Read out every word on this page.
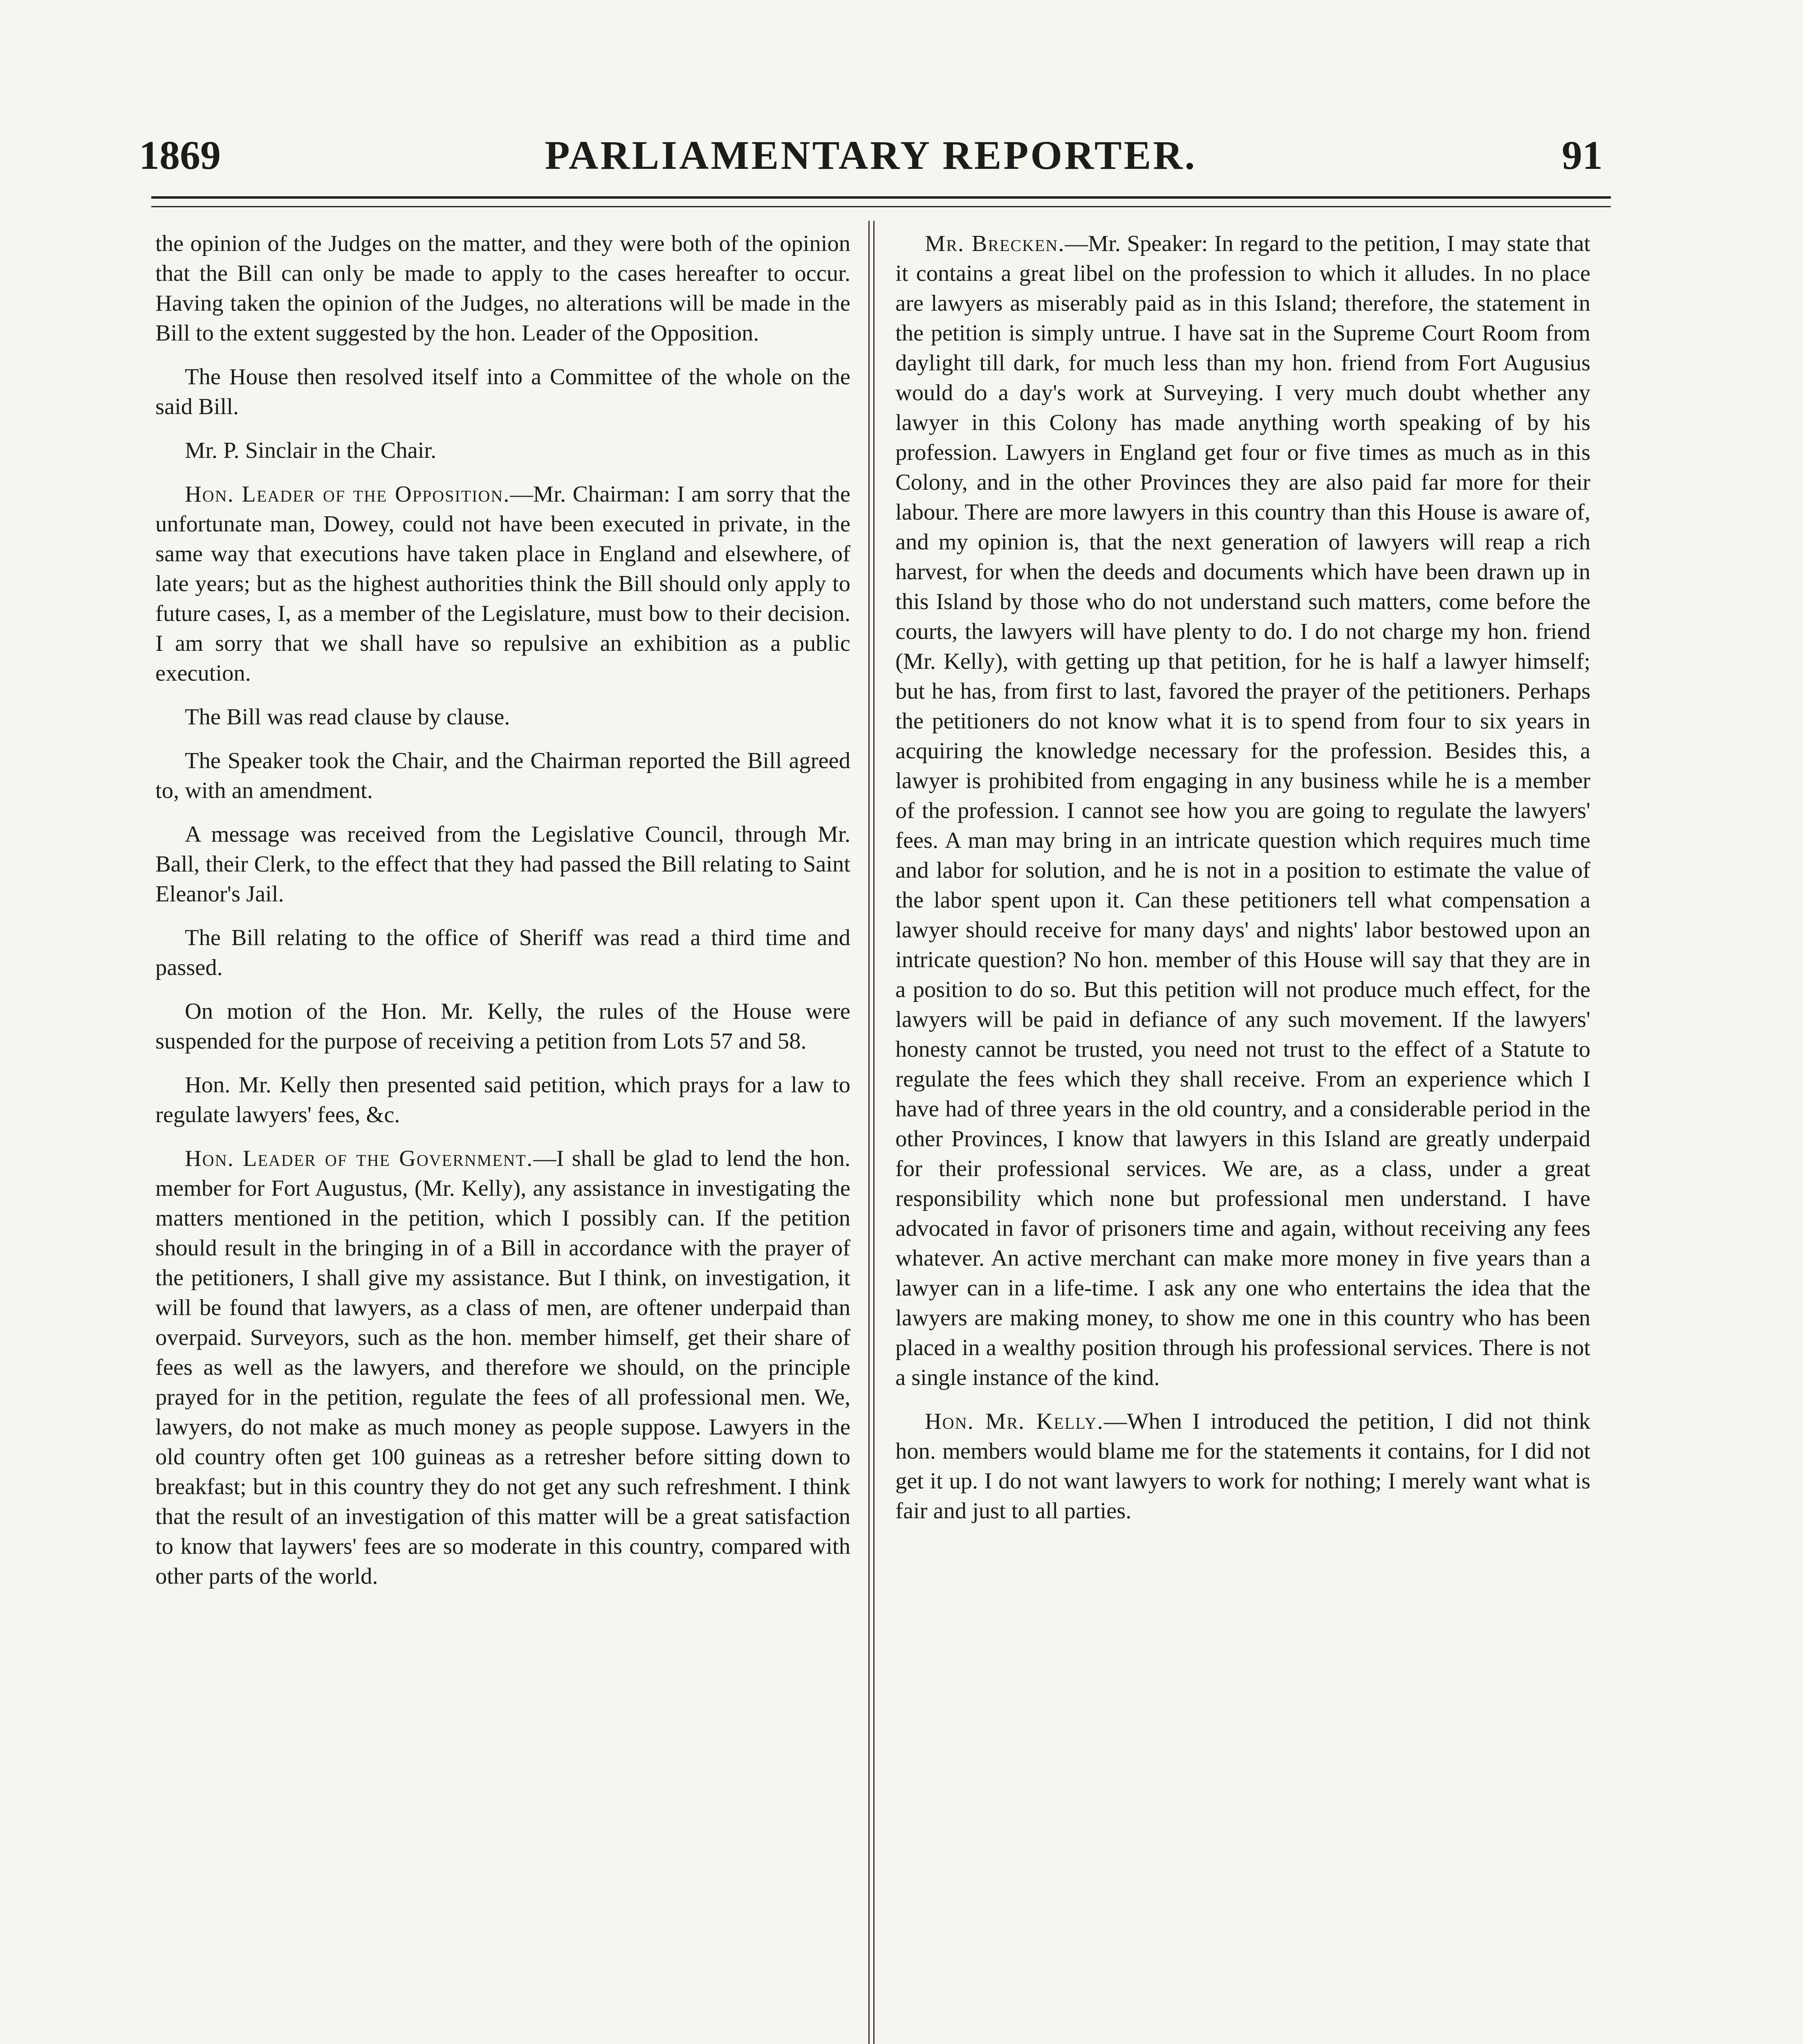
1869	PARLIAMENTARY REPORTER.	91

the opinion of the Judges on the matter, and they were both of the opinion that the Bill can only be made to apply to the cases hereafter to occur. Having taken the opinion of the Judges, no alterations will be made in the Bill to the extent suggested by the hon. Leader of the Opposition.

The House then resolved itself into a Committee of the whole on the said Bill.

Mr. P. Sinclair in the Chair.

Hon. Leader of the Opposition.—Mr. Chairman: I am sorry that the unfortunate man, Dowey, could not have been executed in private, in the same way that executions have taken place in England and elsewhere, of late years; but as the highest authorities think the Bill should only apply to future cases, I, as a member of the Legislature, must bow to their decision. I am sorry that we shall have so repulsive an exhibition as a public execution.

The Bill was read clause by clause.

The Speaker took the Chair, and the Chairman reported the Bill agreed to, with an amendment.

A message was received from the Legislative Council, through Mr. Ball, their Clerk, to the effect that they had passed the Bill relating to Saint Eleanor's Jail.

The Bill relating to the office of Sheriff was read a third time and passed.

On motion of the Hon. Mr. Kelly, the rules of the House were suspended for the purpose of receiving a petition from Lots 57 and 58.

Hon. Mr. Kelly then presented said petition, which prays for a law to regulate lawyers' fees, &c.

Hon. Leader of the Government.—I shall be glad to lend the hon. member for Fort Augustus, (Mr. Kelly), any assistance in investigating the matters mentioned in the petition, which I possibly can. If the petition should result in the bringing in of a Bill in accordance with the prayer of the petitioners, I shall give my assistance. But I think, on investigation, it will be found that lawyers, as a class of men, are oftener underpaid than overpaid. Surveyors, such as the hon. member himself, get their share of fees as well as the lawyers, and therefore we should, on the principle prayed for in the petition, regulate the fees of all professional men. We, lawyers, do not make as much money as people suppose. Lawyers in the old country often get 100 guineas as a retresher before sitting down to breakfast; but in this country they do not get any such refreshment. I think that the result of an investigation of this matter will be a great satisfaction to know that laywers' fees are so moderate in this country, compared with other parts of the world.

Mr. Brecken.—Mr. Speaker: In regard to the petition, I may state that it contains a great libel on the profession to which it alludes. In no place are lawyers as miserably paid as in this Island; therefore, the statement in the petition is simply untrue. I have sat in the Supreme Court Room from daylight till dark, for much less than my hon. friend from Fort Augusius would do a day's work at Surveying. I very much doubt whether any lawyer in this Colony has made anything worth speaking of by his profession. Lawyers in England get four or five times as much as in this Colony, and in the other Provinces they are also paid far more for their labour. There are more lawyers in this country than this House is aware of, and my opinion is, that the next generation of lawyers will reap a rich harvest, for when the deeds and documents which have been drawn up in this Island by those who do not understand such matters, come before the courts, the lawyers will have plenty to do. I do not charge my hon. friend (Mr. Kelly), with getting up that petition, for he is half a lawyer himself; but he has, from first to last, favored the prayer of the petitioners. Perhaps the petitioners do not know what it is to spend from four to six years in acquiring the knowledge necessary for the profession. Besides this, a lawyer is prohibited from engaging in any business while he is a member of the profession. I cannot see how you are going to regulate the lawyers' fees. A man may bring in an intricate question which requires much time and labor for solution, and he is not in a position to estimate the value of the labor spent upon it. Can these petitioners tell what compensation a lawyer should receive for many days' and nights' labor bestowed upon an intricate question? No hon. member of this House will say that they are in a position to do so. But this petition will not produce much effect, for the lawyers will be paid in defiance of any such movement. If the lawyers' honesty cannot be trusted, you need not trust to the effect of a Statute to regulate the fees which they shall receive. From an experience which I have had of three years in the old country, and a considerable period in the other Provinces, I know that lawyers in this Island are greatly underpaid for their professional services. We are, as a class, under a great responsibility which none but professional men understand. I have advocated in favor of prisoners time and again, without receiving any fees whatever. An active merchant can make more money in five years than a lawyer can in a life-time. I ask any one who entertains the idea that the lawyers are making money, to show me one in this country who has been placed in a wealthy position through his professional services. There is not a single instance of the kind.

Hon. Mr. Kelly.—When I introduced the petition, I did not think hon. members would blame me for the statements it contains, for I did not get it up. I do not want lawyers to work for nothing; I merely want what is fair and just to all parties.
